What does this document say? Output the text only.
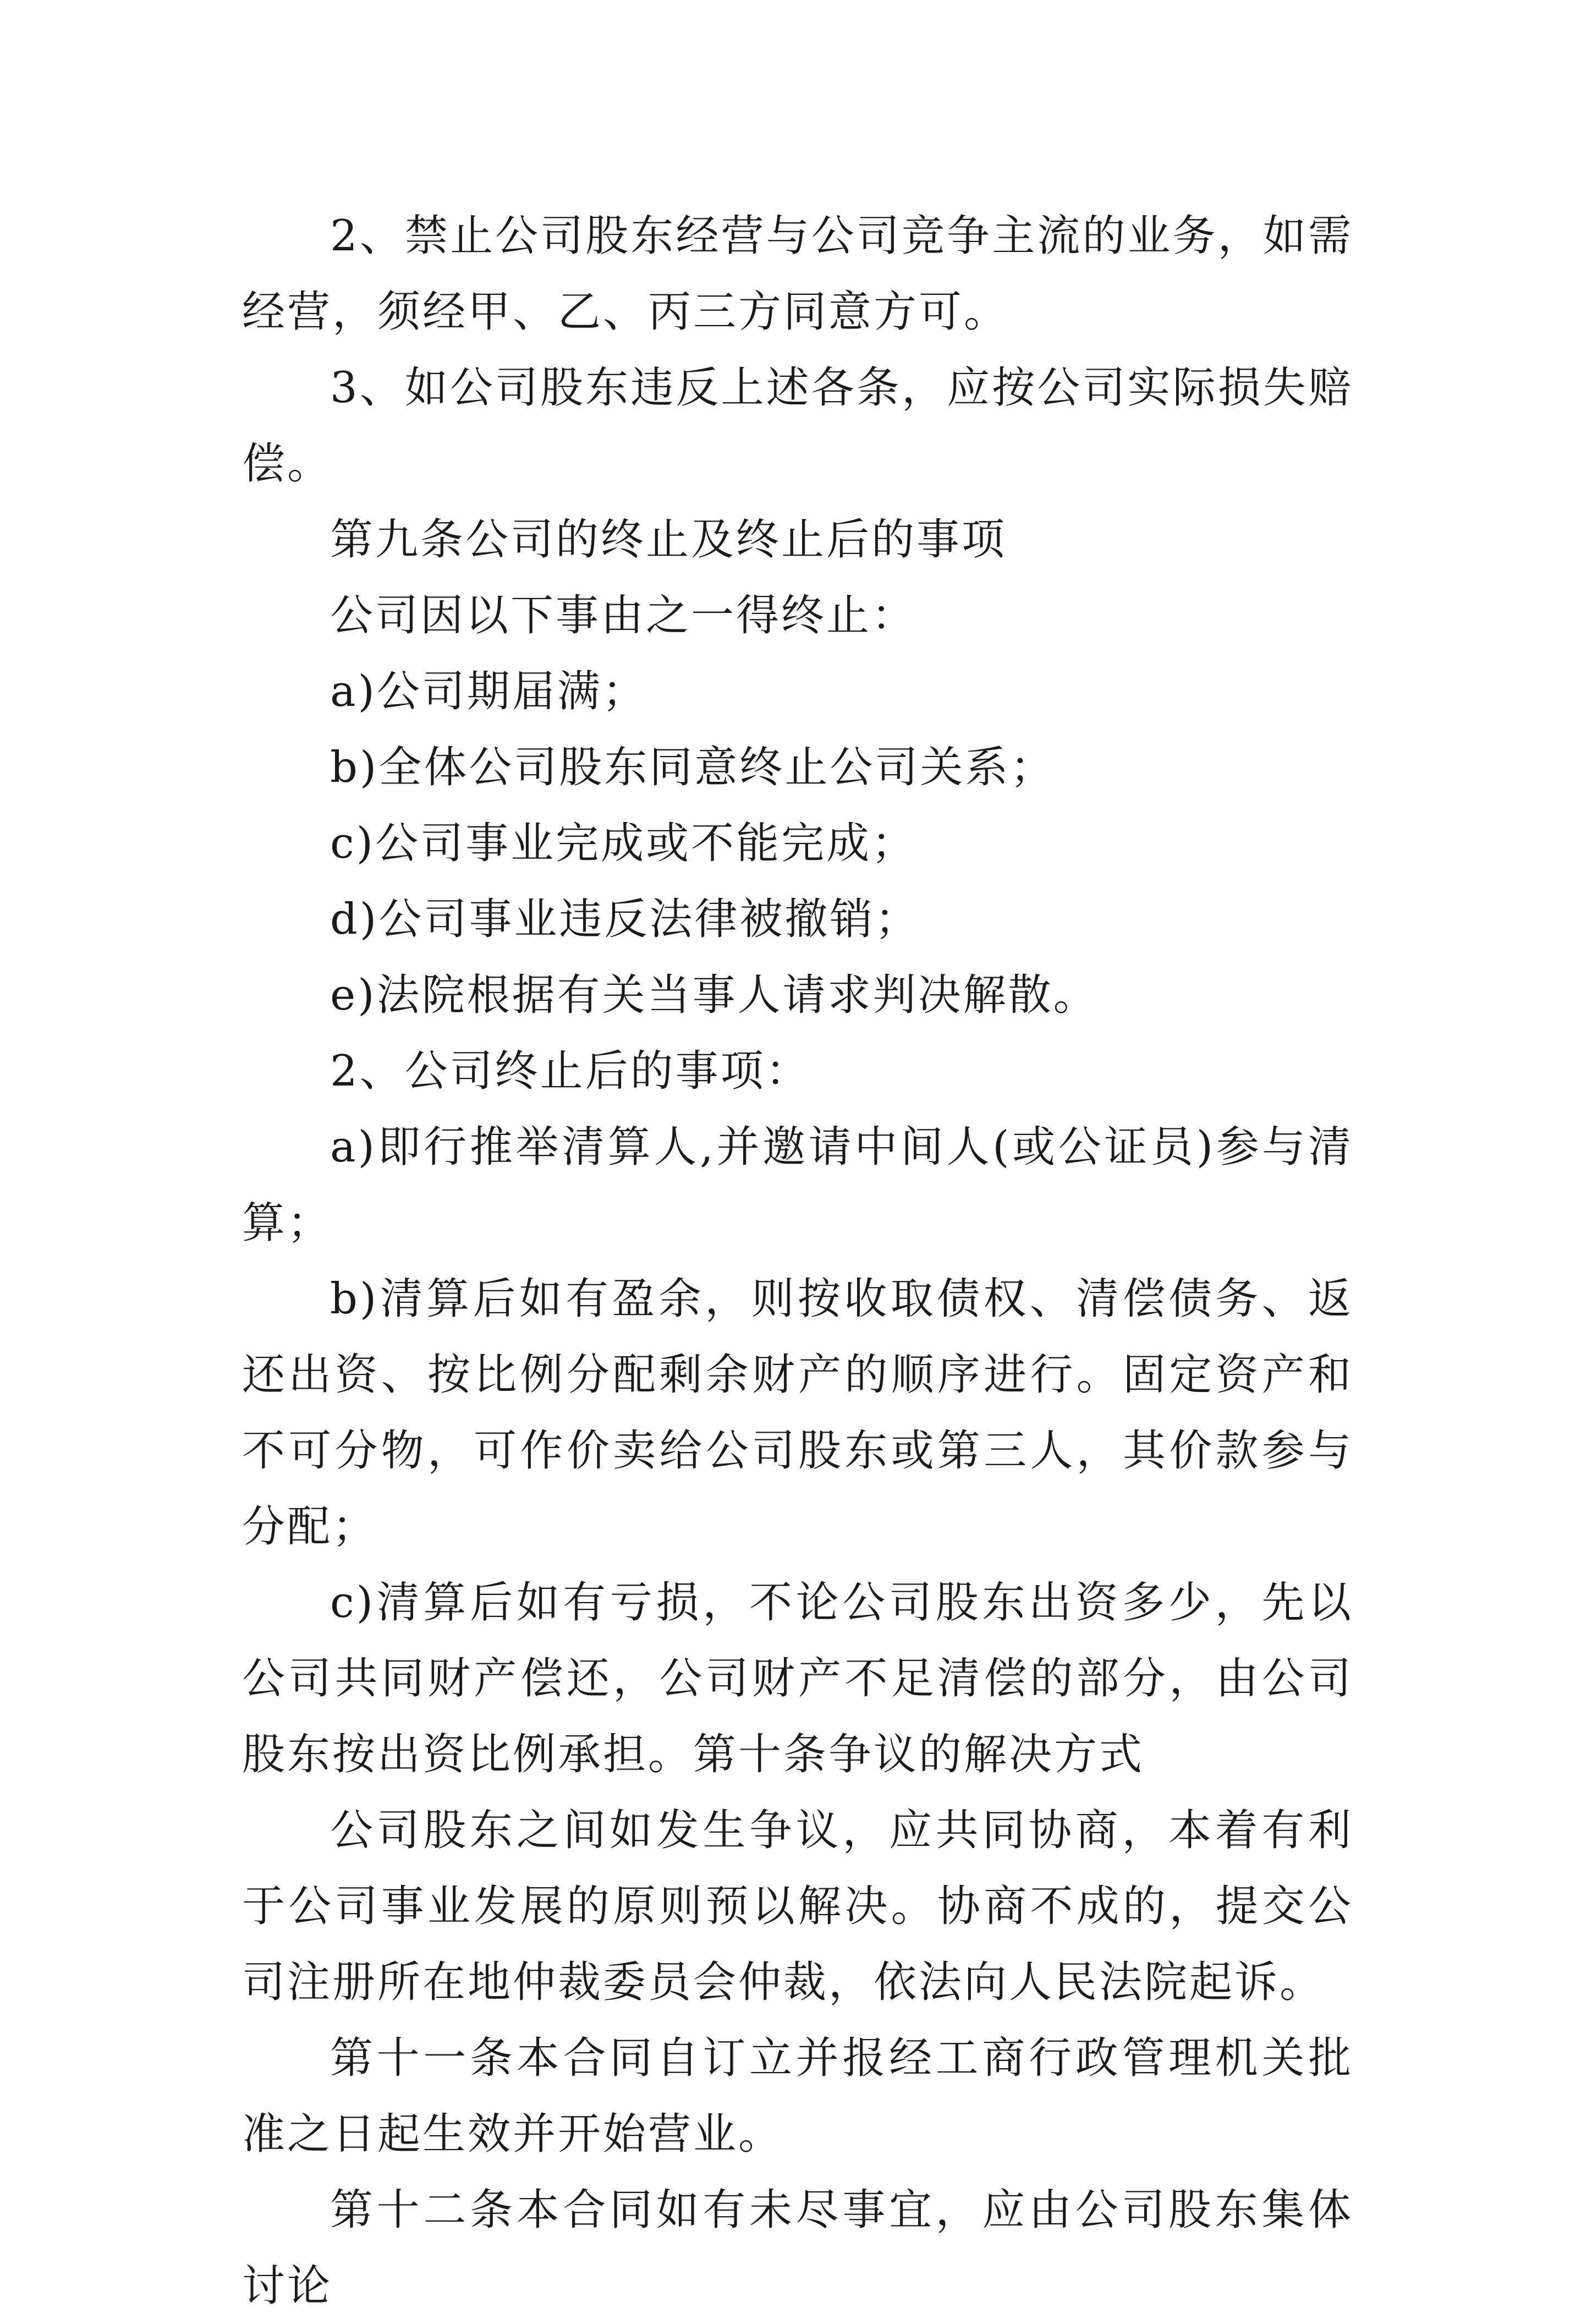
2、禁止公司股东经营与公司竞争主流的业务，如需经营，须经甲、乙、丙三方同意方可。

3、如公司股东违反上述各条，应按公司实际损失赔偿。

第九条公司的终止及终止后的事项

公司因以下事由之一得终止：

a)公司期届满；

b)全体公司股东同意终止公司关系；

c)公司事业完成或不能完成；

d)公司事业违反法律被撤销；

e)法院根据有关当事人请求判决解散。

2、公司终止后的事项：

a)即行推举清算人,并邀请中间人(或公证员)参与清算；

b)清算后如有盈余，则按收取债权、清偿债务、返还出资、按比例分配剩余财产的顺序进行。固定资产和不可分物，可作价卖给公司股东或第三人，其价款参与分配；

c)清算后如有亏损，不论公司股东出资多少，先以公司共同财产偿还，公司财产不足清偿的部分，由公司股东按出资比例承担。第十条争议的解决方式

公司股东之间如发生争议，应共同协商，本着有利于公司事业发展的原则预以解决。协商不成的，提交公司注册所在地仲裁委员会仲裁，依法向人民法院起诉。

第十一条本合同自订立并报经工商行政管理机关批准之日起生效并开始营业。

第十二条本合同如有未尽事宜，应由公司股东集体讨论
